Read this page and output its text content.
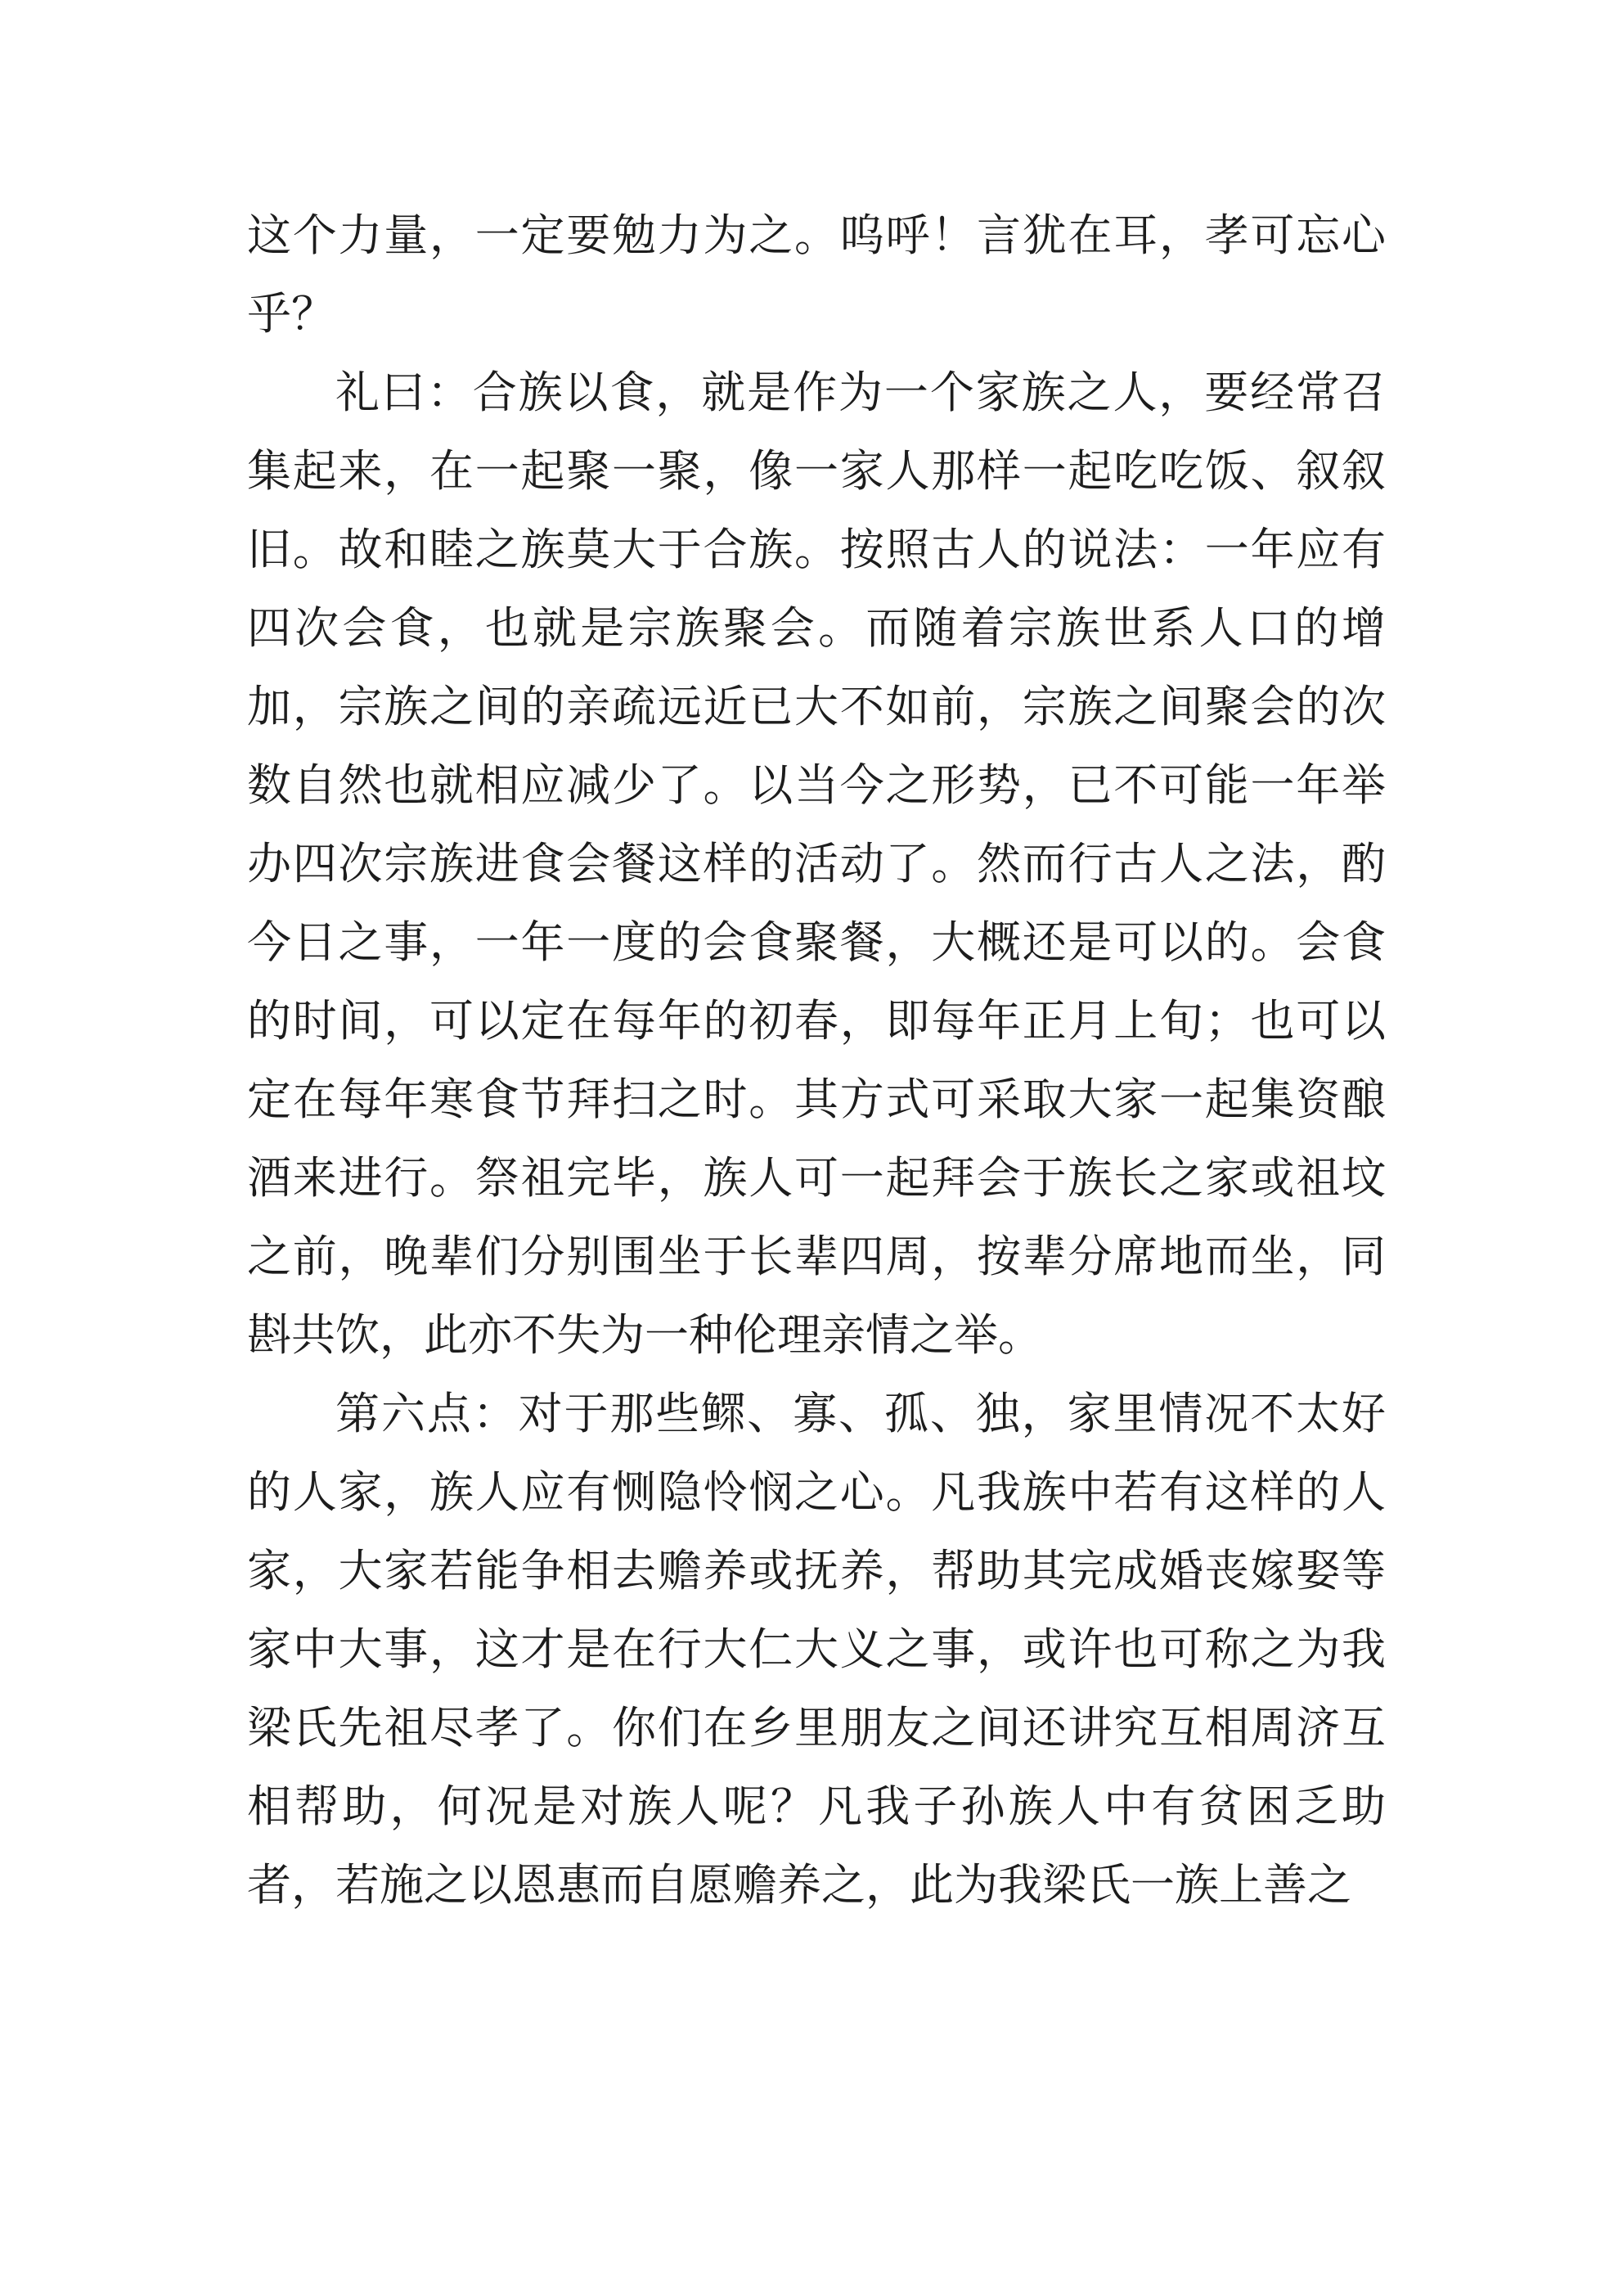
这个力量，一定要勉力为之。呜呼！言犹在耳，孝可忘心乎？

礼曰：合族以食，就是作为一个家族之人，要经常召集起来，在一起聚一聚，像一家人那样一起吃吃饭、叙叙旧。故和睦之族莫大于合族。按照古人的说法：一年应有四次会食，也就是宗族聚会。而随着宗族世系人口的增加，宗族之间的亲疏远近已大不如前，宗族之间聚会的次数自然也就相应减少了。以当今之形势，已不可能一年举办四次宗族进食会餐这样的活动了。然而行古人之法，酌今日之事，一年一度的会食聚餐，大概还是可以的。会食的时间，可以定在每年的初春，即每年正月上旬；也可以定在每年寒食节拜扫之时。其方式可采取大家一起集资酿酒来进行。祭祖完毕，族人可一起拜会于族长之家或祖坟之前，晚辈们分别围坐于长辈四周，按辈分席地而坐，同斟共饮，此亦不失为一种伦理亲情之举。

第六点：对于那些鳏、寡、孤、独，家里情况不太好的人家，族人应有恻隐怜悯之心。凡我族中若有这样的人家，大家若能争相去赡养或抚养，帮助其完成婚丧嫁娶等家中大事，这才是在行大仁大义之事，或许也可称之为我梁氏先祖尽孝了。你们在乡里朋友之间还讲究互相周济互相帮助，何况是对族人呢？凡我子孙族人中有贫困乏助者，若施之以恩惠而自愿赡养之，此为我梁氏一族上善之
